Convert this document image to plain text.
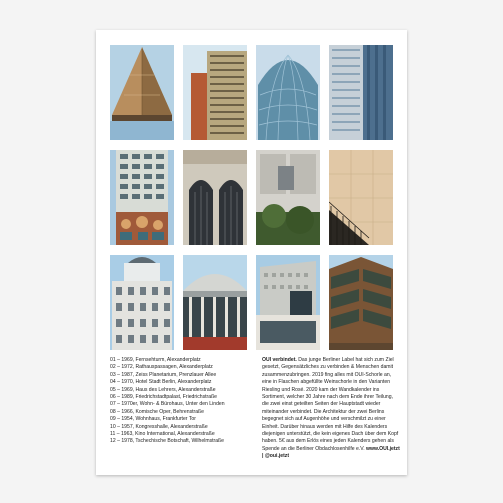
01 – 1969, Fernsehturm, Alexanderplatz
02 – 1972, Rathauspassagen, Alexanderplatz
03 – 1987, Zeiss Planetarium, Prenzlauer Allee
04 – 1970, Hotel Stadt Berlin, Alexanderplatz
05 – 1969, Haus des Lehrers, Alexanderstraße
06 – 1989, Friedrichstadtpalast, Friedrichstraße
07 – 1970er, Wohn- & Bürohaus, Unter den Linden
08 – 1966, Komische Oper, Behrenstraße
09 – 1954, Wohnhaus, Frankfurter Tor
10 – 1957, Kongresshalle, Alexanderstraße
11 – 1963, Kino International, Alexanderstraße
12 – 1978, Tschechische Botschaft, Wilhelmstraße
OUI verbindet. Das junge Berliner Label hat sich zum Ziel gesetzt, Gegensätzliches zu verbinden & Menschen damit zusammenzubringen. 2019 fing alles mit OUI-Schorle an, eine in Flaschen abgefüllte Weinschorle in den Varianten Riesling und Rosé. 2020 kam der Wandkalender ins Sortiment, welcher 30 Jahre nach dem Ende ihrer Teilung, die zwei einst geteilten Seiten der Hauptstadt wieder miteinander verbindet. Die Architektur der zwei Berlins begegnet sich auf Augenhöhe und verschmilzt zu einer Einheit. Darüber hinaus werden mit Hilfe des Kalenders diejenigen unterstützt, die kein eigenes Dach über dem Kopf haben. 5€ aus dem Erlös eines jeden Kalenders gehen als Spende an die Berliner Obdachlosenhilfe e.V. www.OUI.jetzt | @oui.jetzt
